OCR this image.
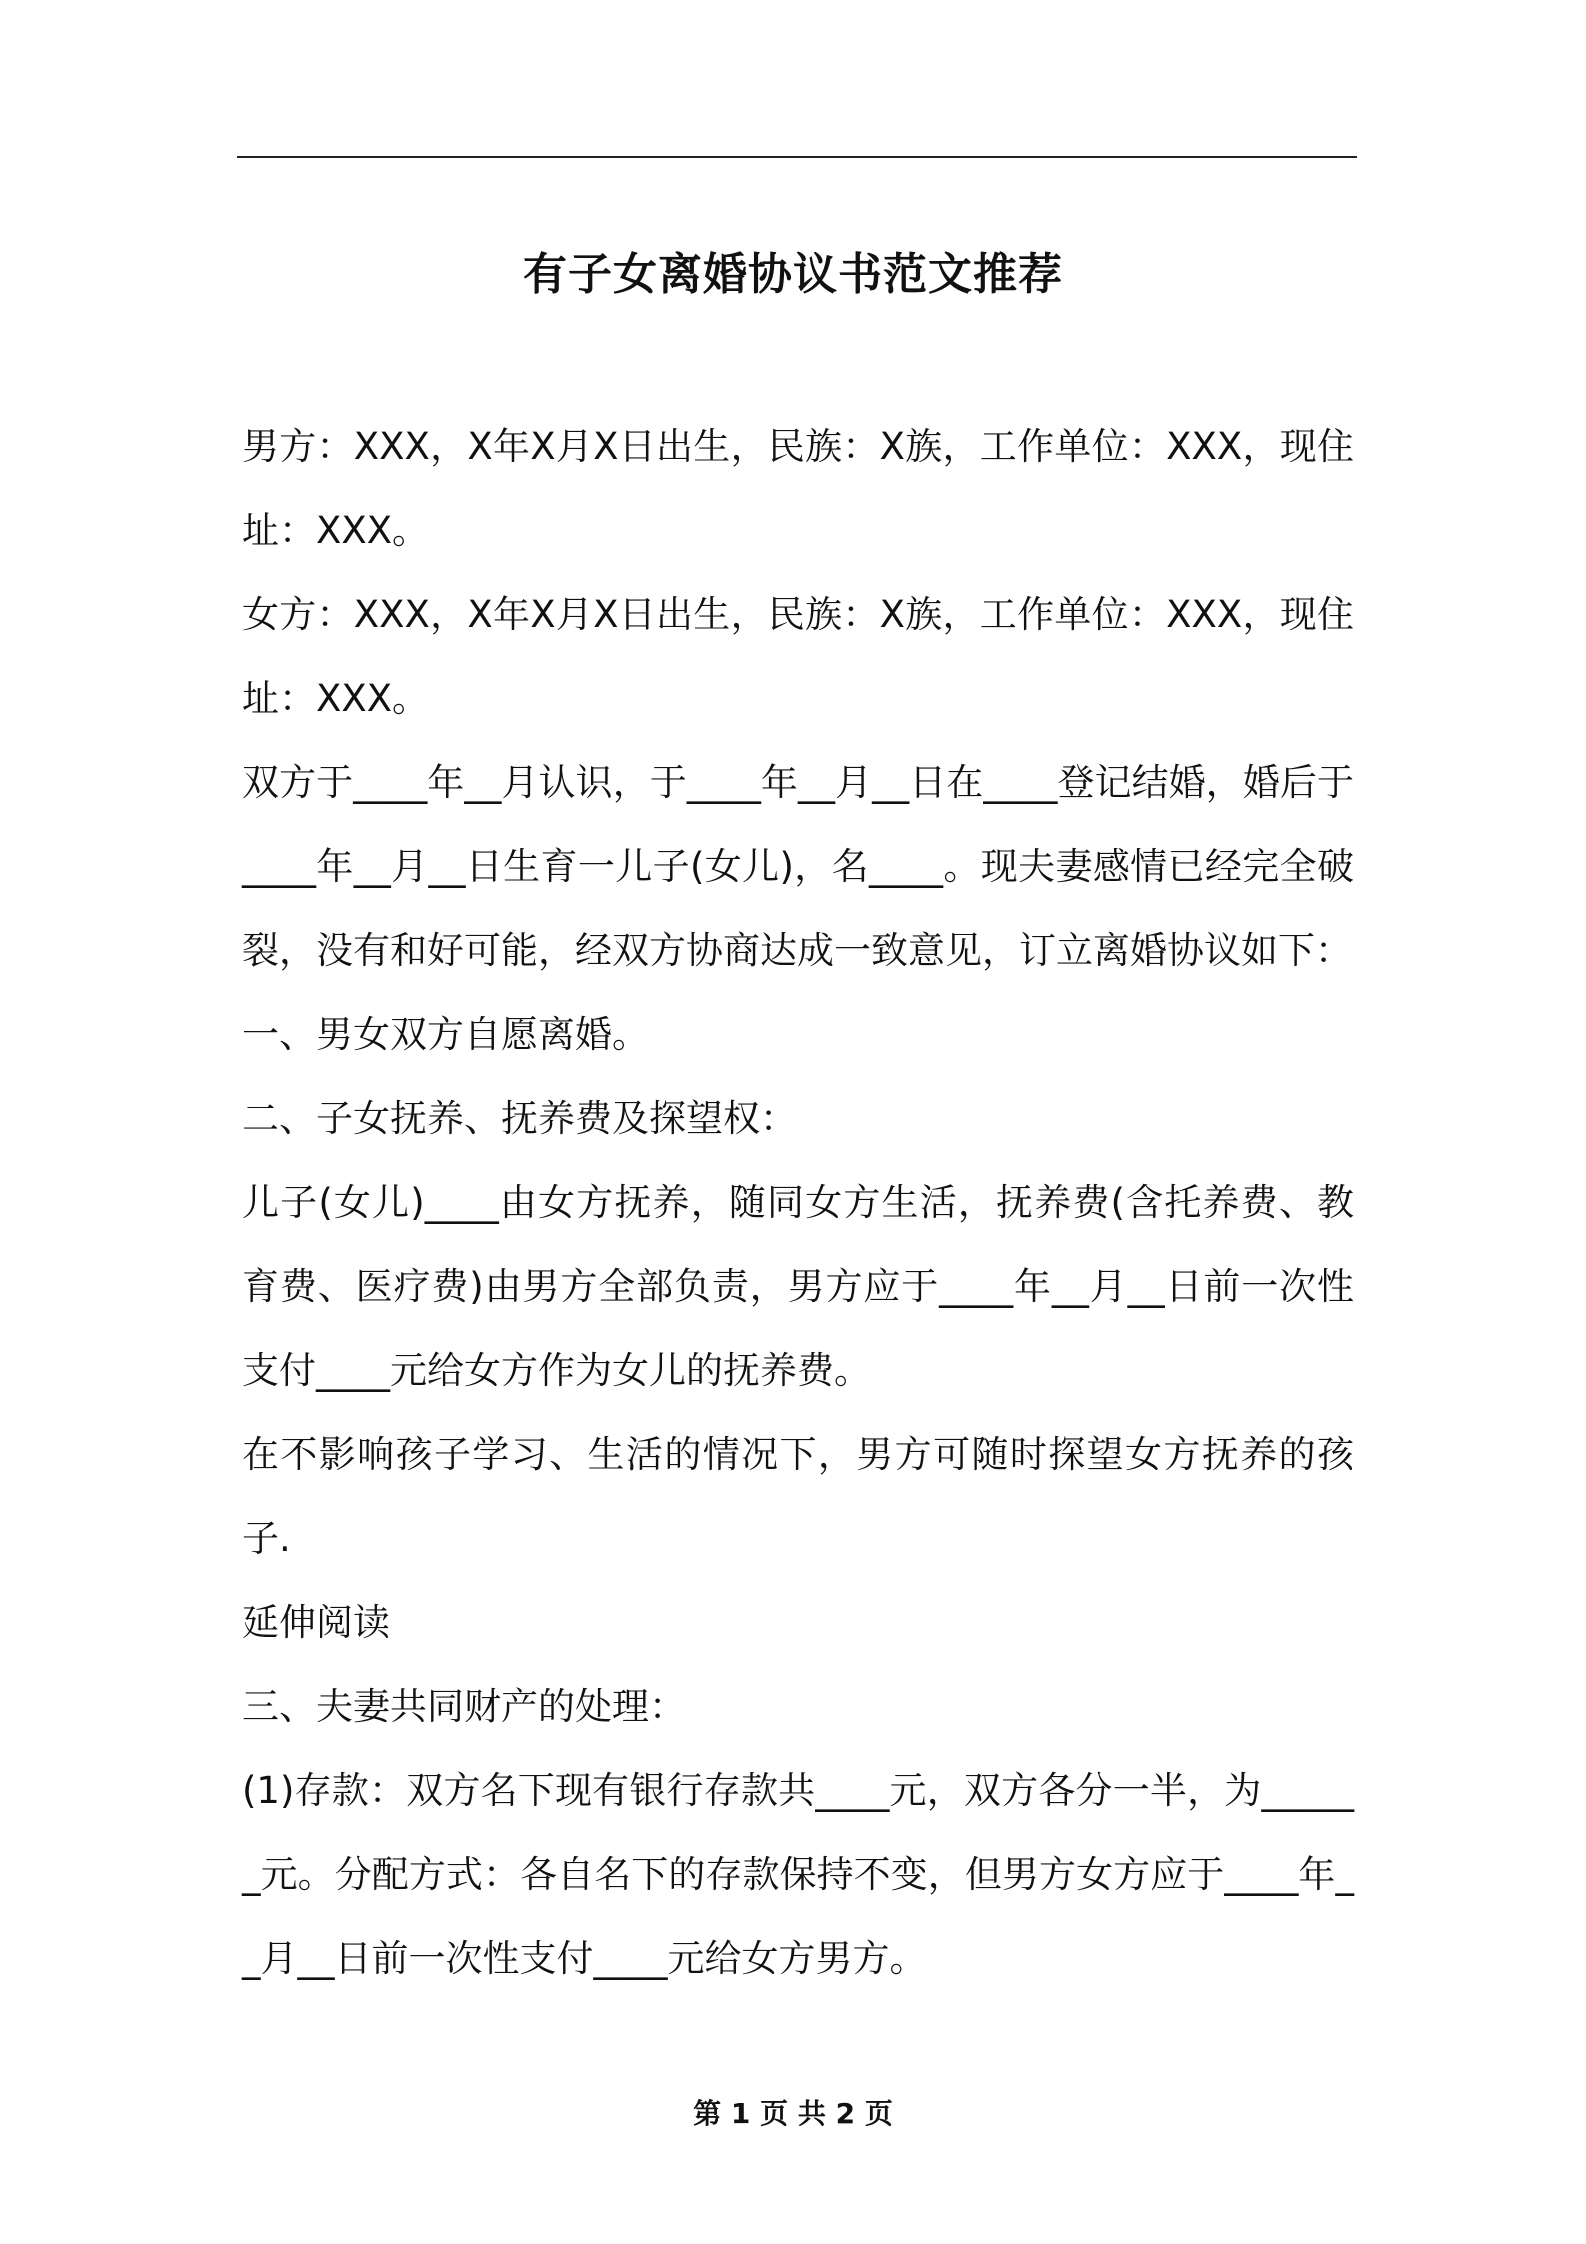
有子女离婚协议书范文推荐

男方：XXX，X年X月X日出生，民族：X族，工作单位：XXX，现住址：XXX。

女方：XXX，X年X月X日出生，民族：X族，工作单位：XXX，现住址：XXX。

双方于____年__月认识，于____年__月__日在____登记结婚，婚后于____年__月__日生育一儿子(女儿)，名____。现夫妻感情已经完全破裂，没有和好可能，经双方协商达成一致意见，订立离婚协议如下：

一、男女双方自愿离婚。

二、子女抚养、抚养费及探望权：

儿子(女儿)____由女方抚养，随同女方生活，抚养费(含托养费、教育费、医疗费)由男方全部负责，男方应于____年__月__日前一次性支付____元给女方作为女儿的抚养费。

在不影响孩子学习、生活的情况下，男方可随时探望女方抚养的孩子.

延伸阅读

三、夫妻共同财产的处理：

(1)存款：双方名下现有银行存款共____元，双方各分一半，为______元。分配方式：各自名下的存款保持不变，但男方女方应于____年__月__日前一次性支付____元给女方男方。

第 1 页 共 2 页
